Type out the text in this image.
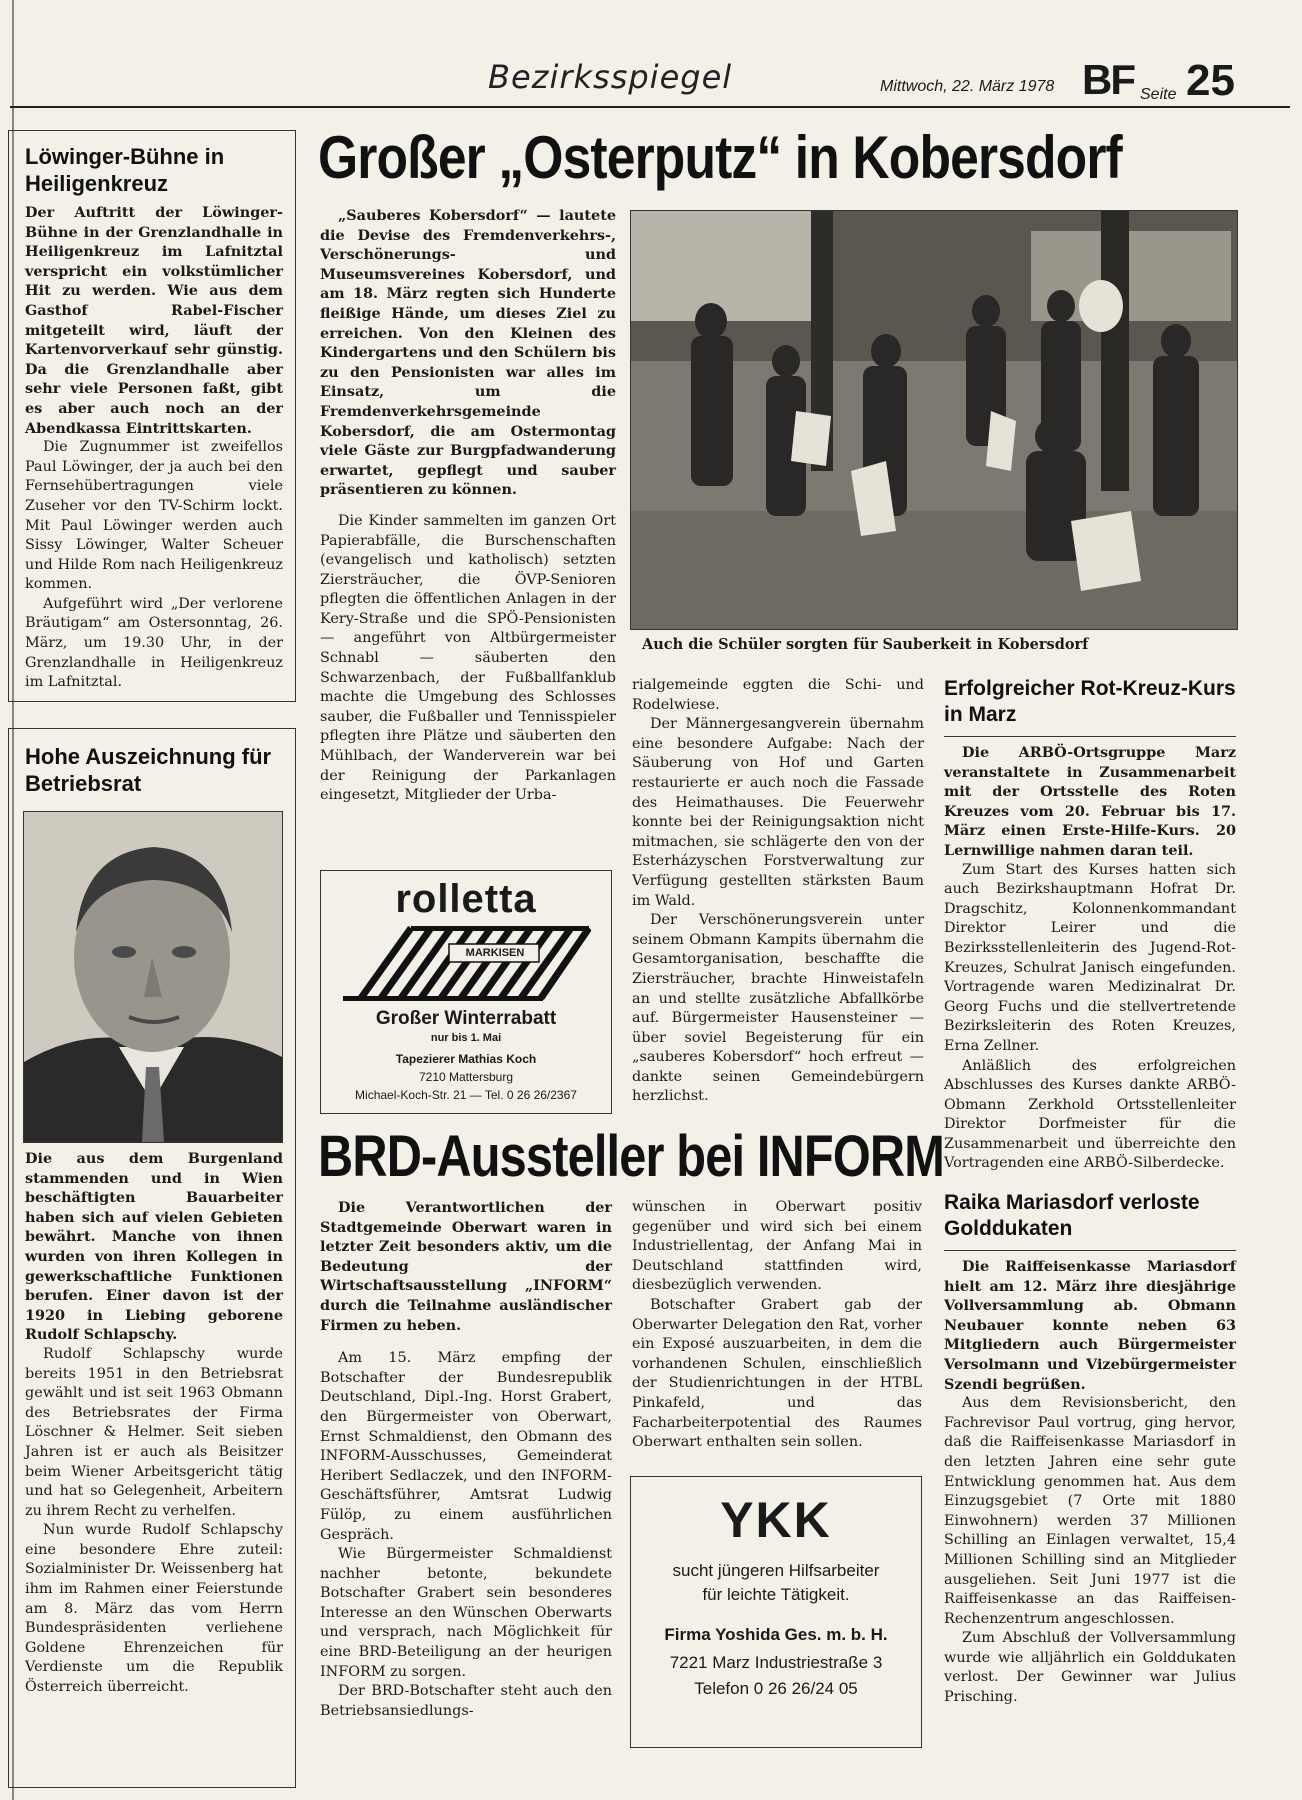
Bezirksspiegel	Mittwoch, 22. März 1978 BF Seite 25
Löwinger-Bühne in Heiligenkreuz

Der Auftritt der Löwinger-Bühne in der Grenzlandhalle in Heiligenkreuz im Lafnitztal verspricht ein volkstümlicher Hit zu werden. Wie aus dem Gasthof Rabel-Fischer mitgeteilt wird, läuft der Kartenvorverkauf sehr günstig. Da die Grenzlandhalle aber sehr viele Personen faßt, gibt es aber auch noch an der Abendkassa Eintrittskarten.

Die Zugnummer ist zweifellos Paul Löwinger, der ja auch bei den Fernsehübertragungen viele Zuseher vor den TV-Schirm lockt. Mit Paul Löwinger werden auch Sissy Löwinger, Walter Scheuer und Hilde Rom nach Heiligenkreuz kommen.

Aufgeführt wird „Der verlorene Bräutigam“ am Ostersonntag, 26. März, um 19.30 Uhr, in der Grenzlandhalle in Heiligenkreuz im Lafnitztal.

Hohe Auszeichnung für Betriebsrat

Die aus dem Burgenland stammenden und in Wien beschäftigten Bauarbeiter haben sich auf vielen Gebieten bewährt. Manche von ihnen wurden von ihren Kollegen in gewerkschaftliche Funktionen berufen. Einer davon ist der 1920 in Liebing geborene Rudolf Schlapschy.

Rudolf Schlapschy wurde bereits 1951 in den Betriebsrat gewählt und ist seit 1963 Obmann des Betriebsrates der Firma Löschner & Helmer. Seit sieben Jahren ist er auch als Beisitzer beim Wiener Arbeitsgericht tätig und hat so Gelegenheit, Arbeitern zu ihrem Recht zu verhelfen.

Nun wurde Rudolf Schlapschy eine besondere Ehre zuteil: Sozialminister Dr. Weissenberg hat ihm im Rahmen einer Feierstunde am 8. März das vom Herrn Bundespräsidenten verliehene Goldene Ehrenzeichen für Verdienste um die Republik Österreich überreicht.

Großer „Osterputz“ in Kobersdorf

„Sauberes Kobersdorf“ — lautete die Devise des Fremdenverkehrs-, Verschönerungs- und Museumsvereines Kobersdorf, und am 18. März regten sich Hunderte fleißige Hände, um dieses Ziel zu erreichen. Von den Kleinen des Kindergartens und den Schülern bis zu den Pensionisten war alles im Einsatz, um die Fremdenverkehrsgemeinde Kobersdorf, die am Ostermontag viele Gäste zur Burgpfadwanderung erwartet, gepflegt und sauber präsentieren zu können.

Die Kinder sammelten im ganzen Ort Papierabfälle, die Burschenschaften (evangelisch und katholisch) setzten Ziersträucher, die ÖVP-Senioren pflegten die öffentlichen Anlagen in der Kery-Straße und die SPÖ-Pensionisten — angeführt von Altbürgermeister Schnabl — säuberten den Schwarzenbach, der Fußballfanklub machte die Umgebung des Schlosses sauber, die Fußballer und Tennisspieler pflegten ihre Plätze und säuberten den Mühlbach, der Wanderverein war bei der Reinigung der Parkanlagen eingesetzt, Mitglieder der Urba-

Auch die Schüler sorgten für Sauberkeit in Kobersdorf

rialgemeinde eggten die Schi- und Rodelwiese.

Der Männergesangverein übernahm eine besondere Aufgabe: Nach der Säuberung von Hof und Garten restaurierte er auch noch die Fassade des Heimathauses. Die Feuerwehr konnte bei der Reinigungsaktion nicht mitmachen, sie schlägerte den von der Esterházyschen Forstverwaltung zur Verfügung gestellten stärksten Baum im Wald.

Der Verschönerungsverein unter seinem Obmann Kampits übernahm die Gesamtorganisation, beschaffte die Ziersträucher, brachte Hinweistafeln an und stellte zusätzliche Abfallkörbe auf. Bürgermeister Hausensteiner — über soviel Begeisterung für ein „sauberes Kobersdorf“ hoch erfreut — dankte seinen Gemeindebürgern herzlichst.

rolletta
MARKISEN
Großer Winterrabatt
nur bis 1. Mai
Tapezierer Mathias Koch
7210 Mattersburg
Michael-Koch-Str. 21 — Tel. 0 26 26/2367
BRD-Aussteller bei INFORM

Die Verantwortlichen der Stadtgemeinde Oberwart waren in letzter Zeit besonders aktiv, um die Bedeutung der Wirtschaftsausstellung „INFORM“ durch die Teilnahme ausländischer Firmen zu heben.

Am 15. März empfing der Botschafter der Bundesrepublik Deutschland, Dipl.-Ing. Horst Grabert, den Bürgermeister von Oberwart, Ernst Schmaldienst, den Obmann des INFORM-Ausschusses, Gemeinderat Heribert Sedlaczek, und den INFORM-Geschäftsführer, Amtsrat Ludwig Fülöp, zu einem ausführlichen Gespräch.

Wie Bürgermeister Schmaldienst nachher betonte, bekundete Botschafter Grabert sein besonderes Interesse an den Wünschen Oberwarts und versprach, nach Möglichkeit für eine BRD-Beteiligung an der heurigen INFORM zu sorgen.

Der BRD-Botschafter steht auch den Betriebsansiedlungs-

wünschen in Oberwart positiv gegenüber und wird sich bei einem Industriellentag, der Anfang Mai in Deutschland stattfinden wird, diesbezüglich verwenden.

Botschafter Grabert gab der Oberwarter Delegation den Rat, vorher ein Exposé auszuarbeiten, in dem die vorhandenen Schulen, einschließlich der Studienrichtungen in der HTBL Pinkafeld, und das Facharbeiterpotential des Raumes Oberwart enthalten sein sollen.

YKK
sucht jüngeren Hilfsarbeiter
für leichte Tätigkeit.
Firma Yoshida Ges. m. b. H.
7221 Marz Industriestraße 3
Telefon 0 26 26/24 05
Erfolgreicher Rot-Kreuz-Kurs in Marz

Die ARBÖ-Ortsgruppe Marz veranstaltete in Zusammenarbeit mit der Ortsstelle des Roten Kreuzes vom 20. Februar bis 17. März einen Erste-Hilfe-Kurs. 20 Lernwillige nahmen daran teil.

Zum Start des Kurses hatten sich auch Bezirkshauptmann Hofrat Dr. Dragschitz, Kolonnenkommandant Direktor Leirer und die Bezirksstellenleiterin des Jugend-Rot-Kreuzes, Schulrat Janisch eingefunden. Vortragende waren Medizinalrat Dr. Georg Fuchs und die stellvertretende Bezirksleiterin des Roten Kreuzes, Erna Zellner.

Anläßlich des erfolgreichen Abschlusses des Kurses dankte ARBÖ-Obmann Zerkhold Ortsstellenleiter Direktor Dorfmeister für die Zusammenarbeit und überreichte den Vortragenden eine ARBÖ-Silberdecke.

Raika Mariasdorf verloste Golddukaten

Die Raiffeisenkasse Mariasdorf hielt am 12. März ihre diesjährige Vollversammlung ab. Obmann Neubauer konnte neben 63 Mitgliedern auch Bürgermeister Versolmann und Vizebürgermeister Szendi begrüßen.

Aus dem Revisionsbericht, den Fachrevisor Paul vortrug, ging hervor, daß die Raiffeisenkasse Mariasdorf in den letzten Jahren eine sehr gute Entwicklung genommen hat. Aus dem Einzugsgebiet (7 Orte mit 1880 Einwohnern) werden 37 Millionen Schilling an Einlagen verwaltet, 15,4 Millionen Schilling sind an Mitglieder ausgeliehen. Seit Juni 1977 ist die Raiffeisenkasse an das Raiffeisen-Rechenzentrum angeschlossen.

Zum Abschluß der Vollversammlung wurde wie alljährlich ein Golddukaten verlost. Der Gewinner war Julius Prisching.
